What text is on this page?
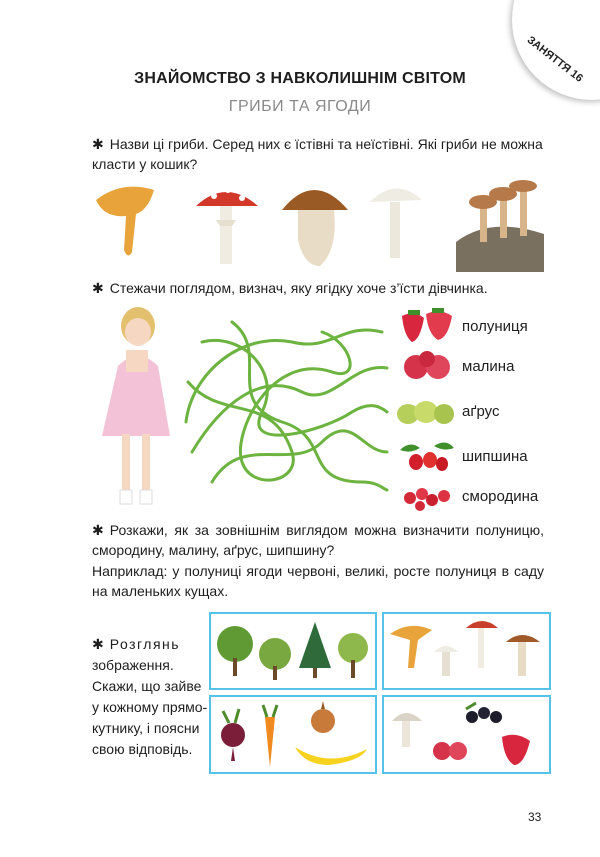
ЗАНЯТТЯ 16
ЗНАЙОМСТВО З НАВКОЛИШНІМ СВІТОМ
ГРИБИ ТА ЯГОДИ
✱ Назви ці гриби. Серед них є їстівні та неїстівні. Які гриби не можна класти у кошик?
✱ Стежачи поглядом, визнач, яку ягідку хоче з’їсти дівчинка.
полуниця
малина
аґрус
шипшина
смородина
✱ Розкажи, як за зовнішнім виглядом можна визначити полуницю, смородину, малину, аґрус, шипшину?
Наприклад: у полуниці ягоди червоні, великі, росте полуниця в саду на маленьких кущах.
✱ Розглянь
зображення.
Скажи, що зайве
у кожному прямо-
кутнику, і поясни
свою відповідь.
33
